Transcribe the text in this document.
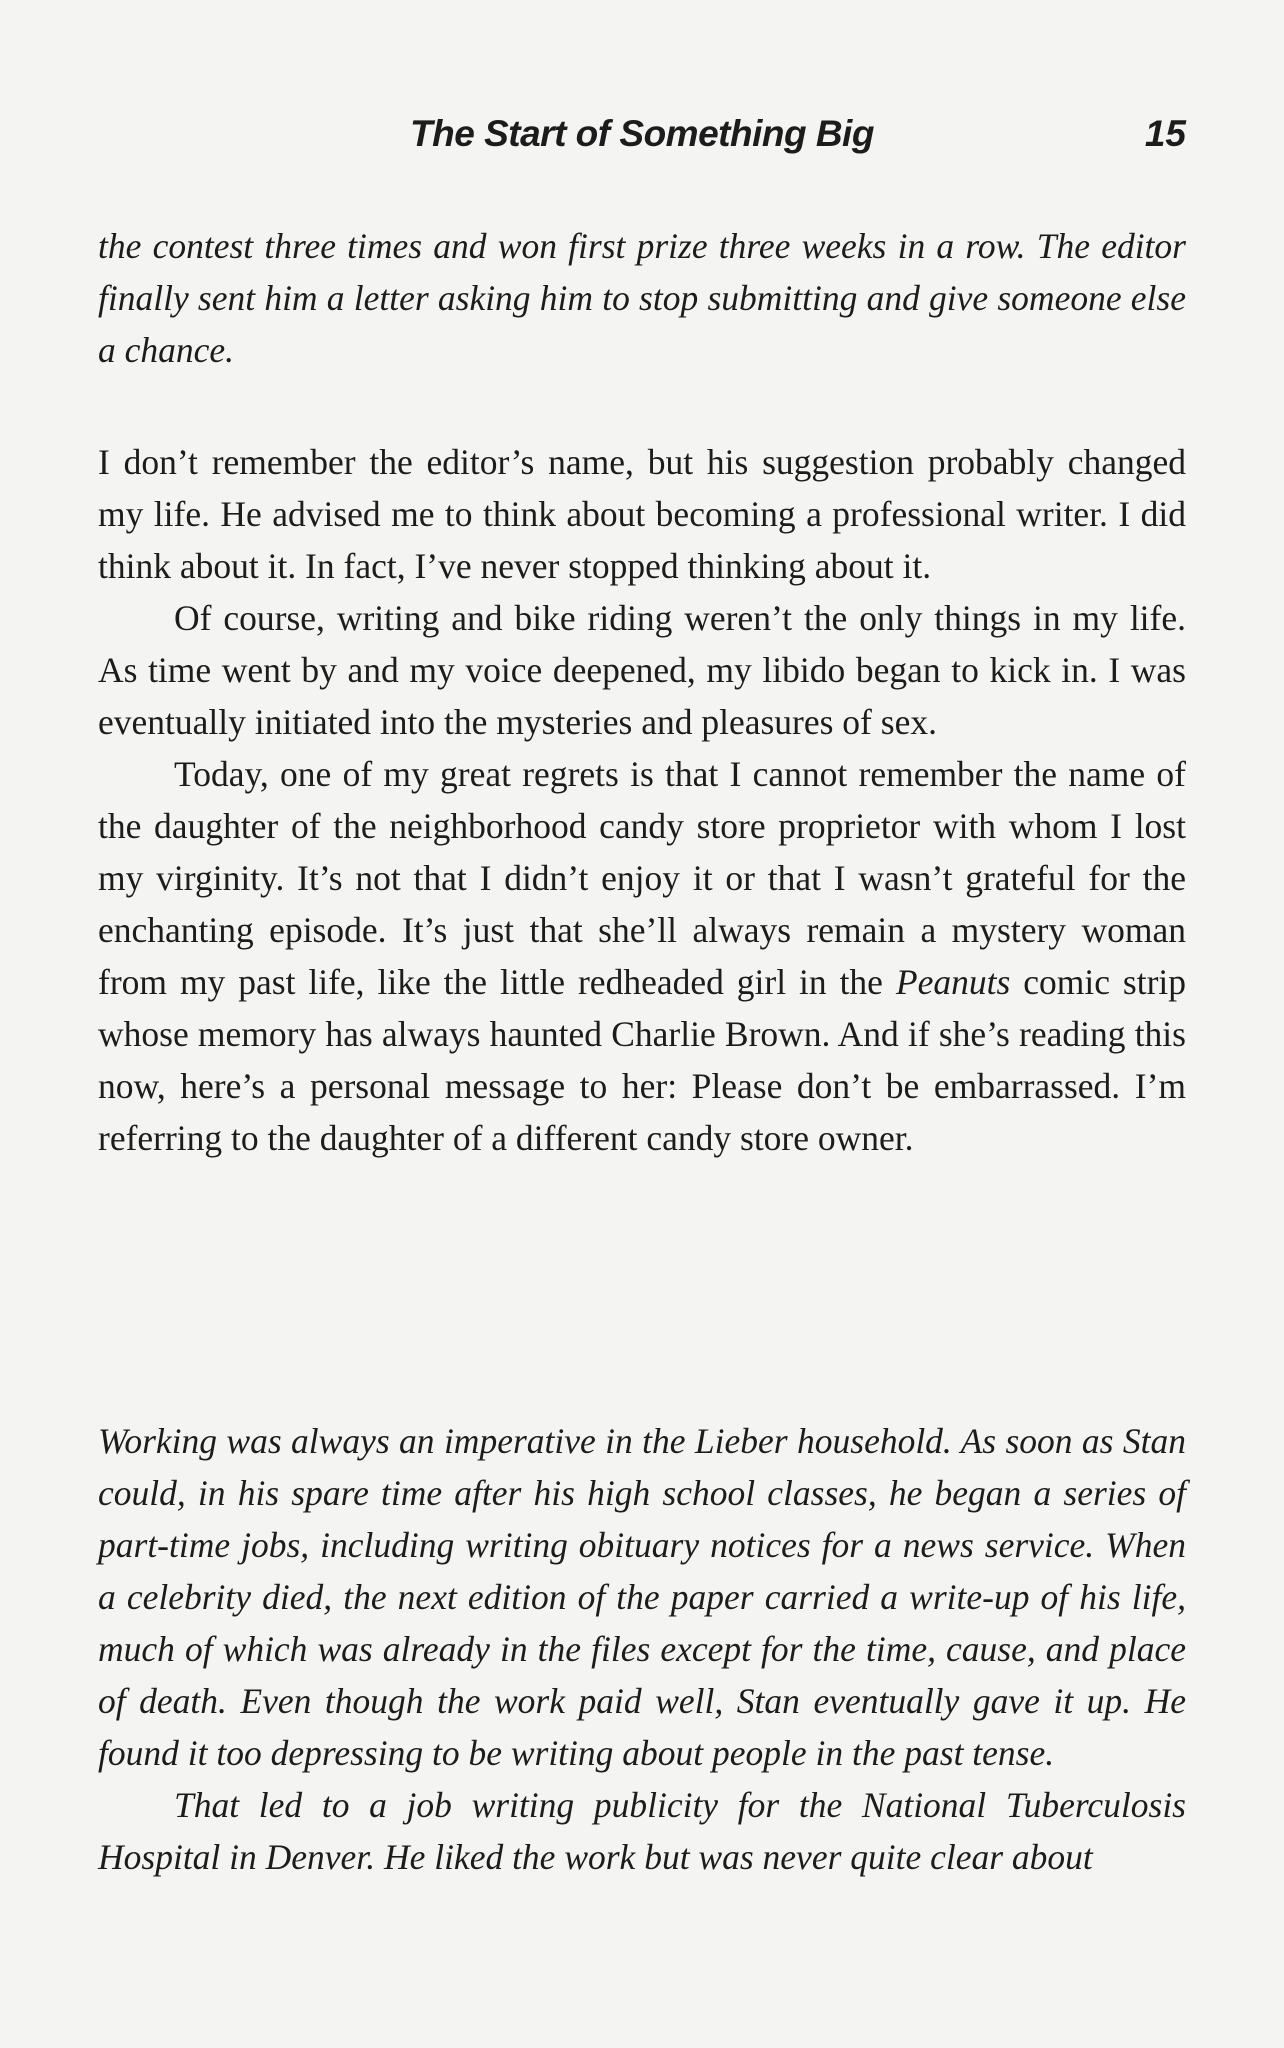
The Start of Something Big	15

the contest three times and won first prize three weeks in a row. The editor finally sent him a letter asking him to stop submitting and give someone else a chance.

I don’t remember the editor’s name, but his suggestion probably changed my life. He advised me to think about becoming a professional writer. I did think about it. In fact, I’ve never stopped thinking about it.

Of course, writing and bike riding weren’t the only things in my life. As time went by and my voice deepened, my libido began to kick in. I was eventually initiated into the mysteries and pleasures of sex.

Today, one of my great regrets is that I cannot remember the name of the daughter of the neighborhood candy store proprietor with whom I lost my virginity. It’s not that I didn’t enjoy it or that I wasn’t grateful for the enchanting episode. It’s just that she’ll always remain a mystery woman from my past life, like the little redheaded girl in the Peanuts comic strip whose memory has always haunted Charlie Brown. And if she’s reading this now, here’s a personal message to her: Please don’t be embarrassed. I’m referring to the daughter of a different candy store owner.

Working was always an imperative in the Lieber household. As soon as Stan could, in his spare time after his high school classes, he began a series of part-time jobs, including writing obituary notices for a news service. When a celebrity died, the next edition of the paper carried a write-up of his life, much of which was already in the files except for the time, cause, and place of death. Even though the work paid well, Stan eventually gave it up. He found it too depressing to be writing about people in the past tense.

That led to a job writing publicity for the National Tuberculosis Hospital in Denver. He liked the work but was never quite clear about
